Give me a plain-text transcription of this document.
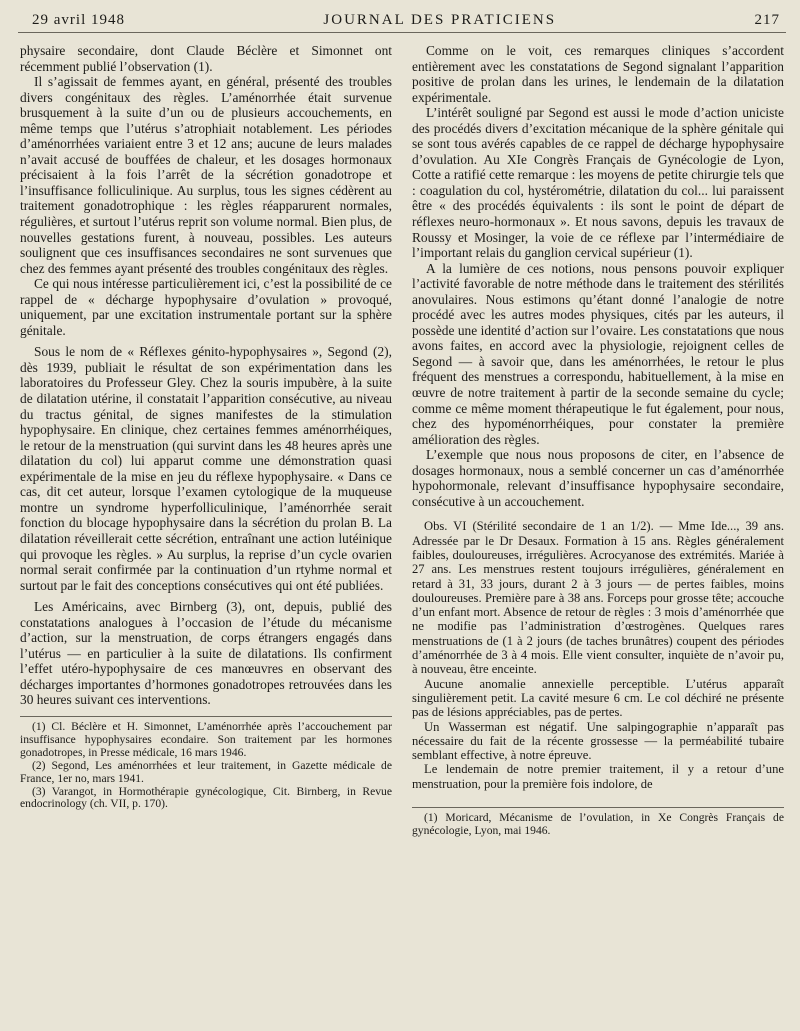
29 avril 1948	JOURNAL DES PRATICIENS	217

physaire secondaire, dont Claude Béclère et Simonnet ont récemment publié l’observation (1).

Il s’agissait de femmes ayant, en général, présenté des troubles divers congénitaux des règles. L’aménorrhée était survenue brusquement à la suite d’un ou de plusieurs accouchements, en même temps que l’utérus s’atrophiait notablement. Les périodes d’aménorrhées variaient entre 3 et 12 ans; aucune de leurs malades n’avait accusé de bouffées de chaleur, et les dosages hormonaux précisaient à la fois l’arrêt de la sécrétion gonadotrope et l’insuffisance folliculinique. Au surplus, tous les signes cédèrent au traitement gonadotrophique : les règles réapparurent normales, régulières, et surtout l’utérus reprit son volume normal. Bien plus, de nouvelles gestations furent, à nouveau, possibles. Les auteurs soulignent que ces insuffisances secondaires ne sont survenues que chez des femmes ayant présenté des troubles congénitaux des règles.

Ce qui nous intéresse particulièrement ici, c’est la possibilité de ce rappel de « décharge hypophysaire d’ovulation » provoqué, uniquement, par une excitation instrumentale portant sur la sphère génitale.

Sous le nom de « Réflexes génito-hypophysaires », Segond (2), dès 1939, publiait le résultat de son expérimentation dans les laboratoires du Professeur Gley. Chez la souris impubère, à la suite de dilatation utérine, il constatait l’apparition consécutive, au niveau du tractus génital, de signes manifestes de la stimulation hypophysaire. En clinique, chez certaines femmes aménorrhéiques, le retour de la menstruation (qui survint dans les 48 heures après une dilatation du col) lui apparut comme une démonstration quasi expérimentale de la mise en jeu du réflexe hypophysaire. « Dans ce cas, dit cet auteur, lorsque l’examen cytologique de la muqueuse montre un syndrome hyperfolliculinique, l’aménorrhée serait fonction du blocage hypophysaire dans la sécrétion du prolan B. La dilatation réveillerait cette sécrétion, entraînant une action lutéinique qui provoque les règles. » Au surplus, la reprise d’un cycle ovarien normal serait confirmée par la continuation d’un rtyhme normal et surtout par le fait des conceptions consécutives qui ont été publiées.

Les Américains, avec Birnberg (3), ont, depuis, publié des constatations analogues à l’occasion de l’étude du mécanisme d’action, sur la menstruation, de corps étrangers engagés dans l’utérus — en particulier à la suite de dilatations. Ils confirment l’effet utéro-hypophysaire de ces manœuvres en observant des décharges importantes d’hormones gonadotropes retrouvées dans les 30 heures suivant ces interventions.

(1) Cl. Béclère et H. Simonnet, L’aménorrhée après l’accouchement par insuffisance hypophysaires econdaire. Son traitement par les hormones gonadotropes, in Presse médicale, 16 mars 1946.

(2) Segond, Les aménorrhées et leur traitement, in Gazette médicale de France, 1er no, mars 1941.

(3) Varangot, in Hormothérapie gynécologique, Cit. Birnberg, in Revue endocrinology (ch. VII, p. 170).

Comme on le voit, ces remarques cliniques s’accordent entièrement avec les constatations de Segond signalant l’apparition positive de prolan dans les urines, le lendemain de la dilatation expérimentale.

L’intérêt souligné par Segond est aussi le mode d’action uniciste des procédés divers d’excitation mécanique de la sphère génitale qui se sont tous avérés capables de ce rappel de décharge hypophysaire d’ovulation. Au XIe Congrès Français de Gynécologie de Lyon, Cotte a ratifié cette remarque : les moyens de petite chirurgie tels que : coagulation du col, hystérométrie, dilatation du col... lui paraissent être « des procédés équivalents : ils sont le point de départ de réflexes neuro-hormonaux ». Et nous savons, depuis les travaux de Roussy et Mosinger, la voie de ce réflexe par l’intermédiaire de l’important relais du ganglion cervical supérieur (1).

A la lumière de ces notions, nous pensons pouvoir expliquer l’activité favorable de notre méthode dans le traitement des stérilités anovulaires. Nous estimons qu’étant donné l’analogie de notre procédé avec les autres modes physiques, cités par les auteurs, il possède une identité d’action sur l’ovaire. Les constatations que nous avons faites, en accord avec la physiologie, rejoignent celles de Segond — à savoir que, dans les aménorrhées, le retour le plus fréquent des menstrues a correspondu, habituellement, à la mise en œuvre de notre traitement à partir de la seconde semaine du cycle; comme ce même moment thérapeutique le fut également, pour nous, chez des hypoménorrhéiques, pour constater la première amélioration des règles.

L’exemple que nous nous proposons de citer, en l’absence de dosages hormonaux, nous a semblé concerner un cas d’aménorrhée hypohormonale, relevant d’insuffisance hypophysaire secondaire, consécutive à un accouchement.

Obs. VI (Stérilité secondaire de 1 an 1/2). — Mme Ide..., 39 ans. Adressée par le Dr Desaux. Formation à 15 ans. Règles généralement faibles, douloureuses, irrégulières. Acrocyanose des extrémités. Mariée à 27 ans. Les menstrues restent toujours irrégulières, généralement en retard à 31, 33 jours, durant 2 à 3 jours — de pertes faibles, moins douloureuses. Première pare à 38 ans. Forceps pour grosse tête; accouche d’un enfant mort. Absence de retour de règles : 3 mois d’aménorrhée que ne modifie pas l’administration d’œstrogènes. Quelques rares menstruations de (1 à 2 jours (de taches brunâtres) coupent des périodes d’aménorrhée de 3 à 4 mois. Elle vient consulter, inquiète de n’avoir pu, à nouveau, être enceinte.

Aucune anomalie annexielle perceptible. L’utérus apparaît singulièrement petit. La cavité mesure 6 cm. Le col déchiré ne présente pas de lésions appréciables, pas de pertes.

Un Wasserman est négatif. Une salpingographie n’apparaît pas nécessaire du fait de la récente grossesse — la perméabilité tubaire semblant effective, à notre épreuve.

Le lendemain de notre premier traitement, il y a retour d’une menstruation, pour la première fois indolore, de

(1) Moricard, Mécanisme de l’ovulation, in Xe Congrès Français de gynécologie, Lyon, mai 1946.
